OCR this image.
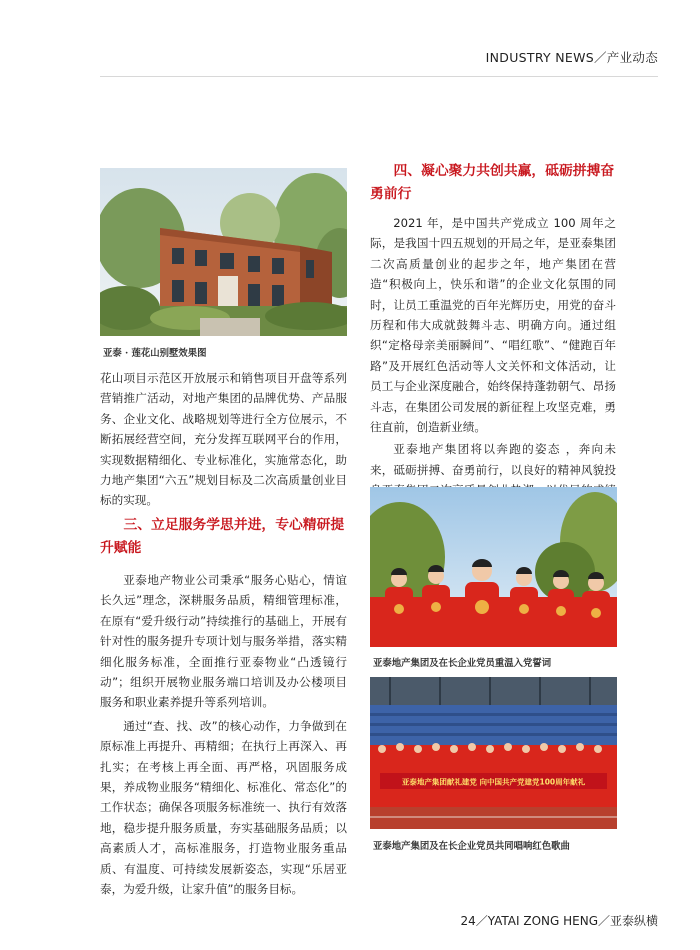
INDUSTRY NEWS／产业动态
亚泰 · 莲花山别墅效果图

花山项目示范区开放展示和销售项目开盘等系列营销推广活动，对地产集团的品牌优势、产品服务、企业文化、战略规划等进行全方位展示，不断拓展经营空间，充分发挥互联网平台的作用，实现数据精细化、专业标准化，实施常态化，助力地产集团“六五”规划目标及二次高质量创业目标的实现。

三、立足服务学思并进，专心精研提升赋能

亚泰地产物业公司秉承“服务心贴心，情谊长久远”理念，深耕服务品质，精细管理标准，在原有“爱升级行动”持续推行的基础上，开展有针对性的服务提升专项计划与服务举措，落实精细化服务标准，全面推行亚泰物业“凸透镜行动”；组织开展物业服务端口培训及办公楼项目服务和职业素养提升等系列培训。

通过“查、找、改”的核心动作，力争做到在原标准上再提升、再精细；在执行上再深入、再扎实；在考核上再全面、再严格，巩固服务成果，养成物业服务“精细化、标准化、常态化”的工作状态；确保各项服务标准统一、执行有效落地，稳步提升服务质量，夯实基础服务品质；以高素质人才，高标准服务，打造物业服务重品质、有温度、可持续发展新姿态，实现“乐居亚泰，为爱升级，让家升值”的服务目标。

四、凝心聚力共创共赢，砥砺拼搏奋勇前行

2021 年，是中国共产党成立 100 周年之际，是我国十四五规划的开局之年，是亚泰集团二次高质量创业的起步之年，地产集团在营造“积极向上，快乐和谐”的企业文化氛围的同时，让员工重温党的百年光辉历史，用党的奋斗历程和伟大成就鼓舞斗志、明确方向。通过组织“定格母亲美丽瞬间”、“唱红歌”、“健跑百年路”及开展红色活动等人文关怀和文体活动，让员工与企业深度融合，始终保持蓬勃朝气、昂扬斗志，在集团公司发展的新征程上攻坚克难，勇往直前，创造新业绩。

亚泰地产集团将以奔跑的姿态 ，奔向未来，砥砺拼搏、奋勇前行，以良好的精神风貌投

亚泰地产集团及在长企业党员重温入党誓词
亚泰地产集团献礼建党 向中国共产党建党100周年献礼
亚泰地产集团及在长企业党员共同唱响红色歌曲
24／YATAI ZONG HENG／亚泰纵横
